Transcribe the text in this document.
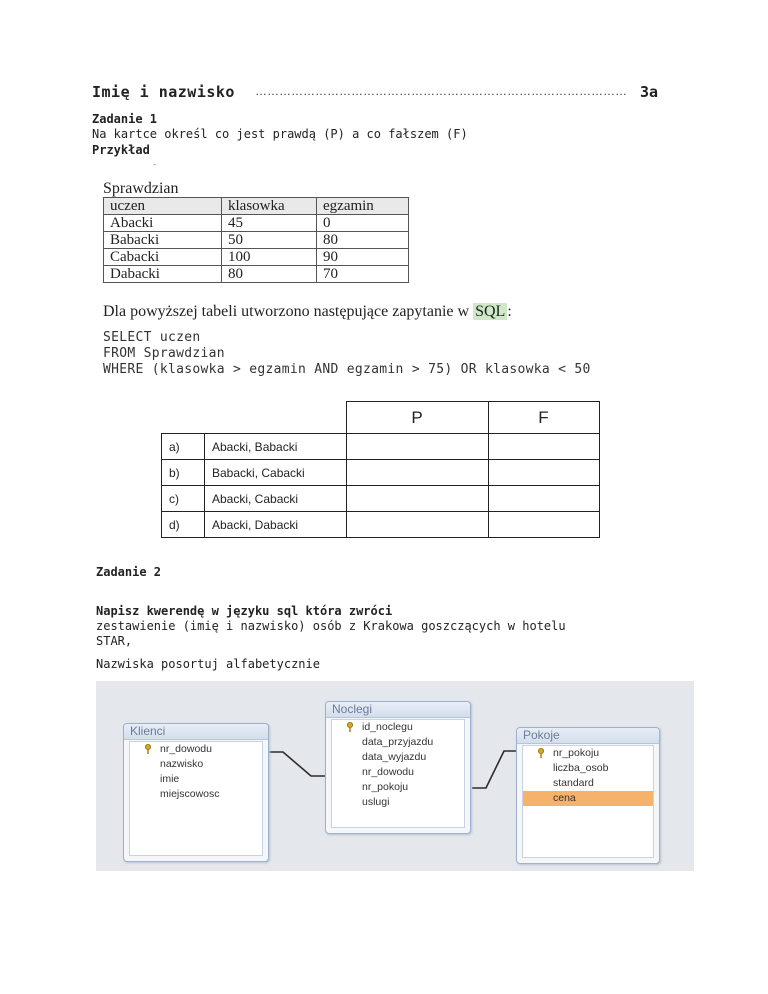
Imię i nazwisko ………………………………………………………………………………… 3a
Zadanie 1
Na kartce określ co jest prawdą (P) a co fałszem (F)
Przykład
-
Sprawdzian
uczen	klasowka	egzamin
Abacki	45	0
Babacki	50	80
Cabacki	100	90
Dabacki	80	70
Dla powyższej tabeli utworzono następujące zapytanie w SQL :
SELECT uczen
FROM Sprawdzian
WHERE (klasowka > egzamin AND egzamin > 75) OR klasowka < 50
		P	F
a)	Abacki, Babacki		
b)	Babacki, Cabacki		
c)	Abacki, Cabacki		
d)	Abacki, Dabacki		
Zadanie 2
Napisz kwerendę w języku sql która zwróci
zestawienie (imię i nazwisko) osób z Krakowa goszczących w hotelu
STAR,
Nazwiska posortuj alfabetycznie
Klienci
nr_dowodu
nazwisko
imie
miejscowosc
Noclegi
id_noclegu
data_przyjazdu
data_wyjazdu
nr_dowodu
nr_pokoju
uslugi
Pokoje
nr_pokoju
liczba_osob
standard
cena
